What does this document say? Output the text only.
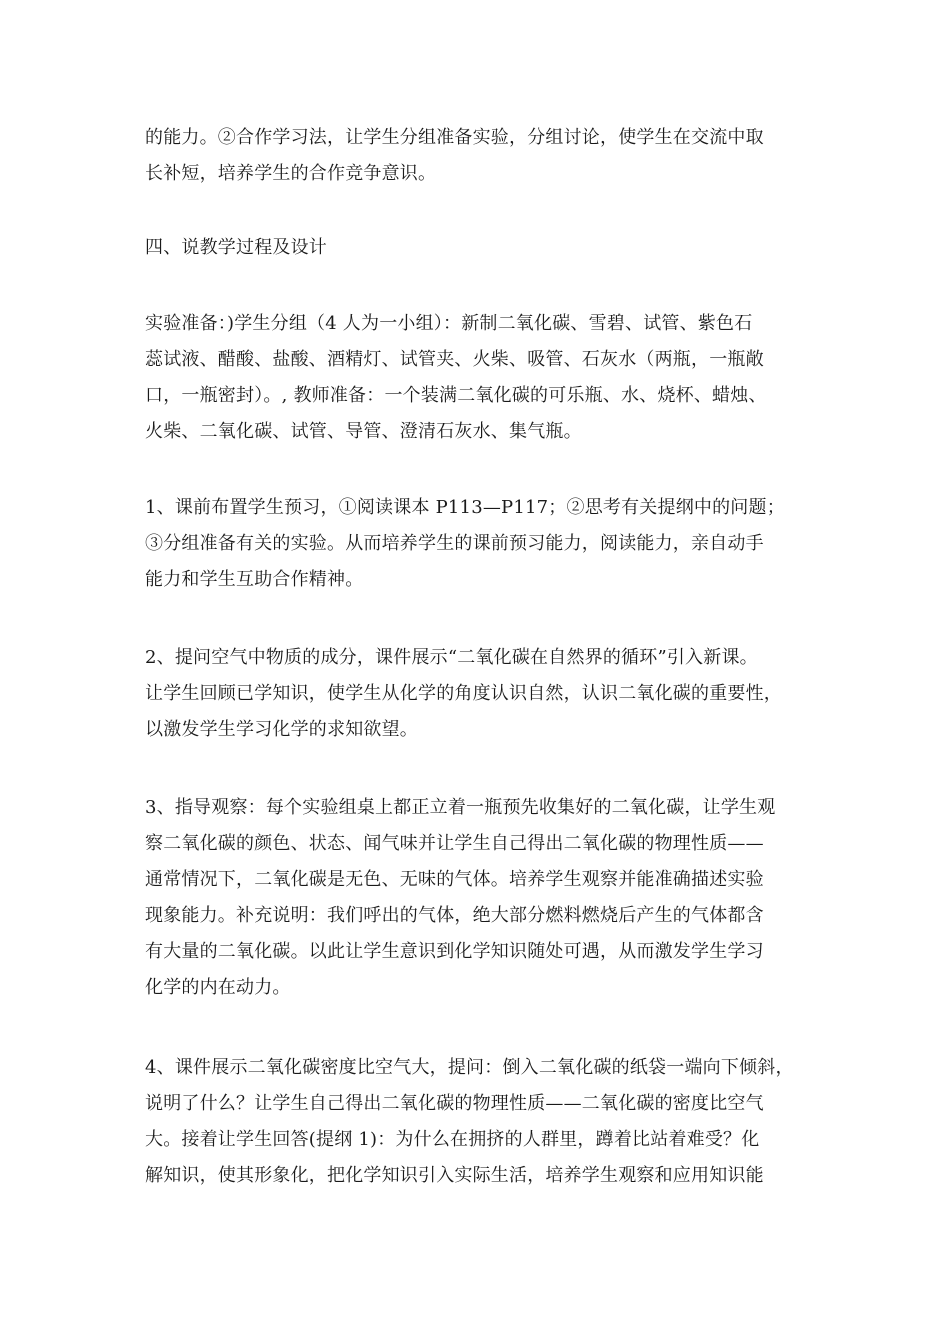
的能力。②合作学习法，让学生分组准备实验，分组讨论，使学生在交流中取
长补短，培养学生的合作竞争意识。
四、说教学过程及设计
实验准备：)学生分组（4 人为一小组）：新制二氧化碳、雪碧、试管、紫色石
蕊试液、醋酸、盐酸、酒精灯、试管夹、火柴、吸管、石灰水（两瓶，一瓶敞
口，一瓶密封）。, 教师准备：一个装满二氧化碳的可乐瓶、水、烧杯、蜡烛、
火柴、二氧化碳、试管、导管、澄清石灰水、集气瓶。
1、课前布置学生预习，①阅读课本 P113—P117；②思考有关提纲中的问题；
③分组准备有关的实验。从而培养学生的课前预习能力，阅读能力，亲自动手
能力和学生互助合作精神。
2、提问空气中物质的成分，课件展示“二氧化碳在自然界的循环”引入新课。
让学生回顾已学知识，使学生从化学的角度认识自然，认识二氧化碳的重要性，
以激发学生学习化学的求知欲望。
3、指导观察：每个实验组桌上都正立着一瓶预先收集好的二氧化碳，让学生观
察二氧化碳的颜色、状态、闻气味并让学生自己得出二氧化碳的物理性质——
通常情况下，二氧化碳是无色、无味的气体。培养学生观察并能准确描述实验
现象能力。补充说明：我们呼出的气体，绝大部分燃料燃烧后产生的气体都含
有大量的二氧化碳。以此让学生意识到化学知识随处可遇，从而激发学生学习
化学的内在动力。
4、课件展示二氧化碳密度比空气大，提问：倒入二氧化碳的纸袋一端向下倾斜，
说明了什么？让学生自己得出二氧化碳的物理性质——二氧化碳的密度比空气
大。接着让学生回答(提纲 1)：为什么在拥挤的人群里，蹲着比站着难受？化
解知识，使其形象化，把化学知识引入实际生活，培养学生观察和应用知识能
